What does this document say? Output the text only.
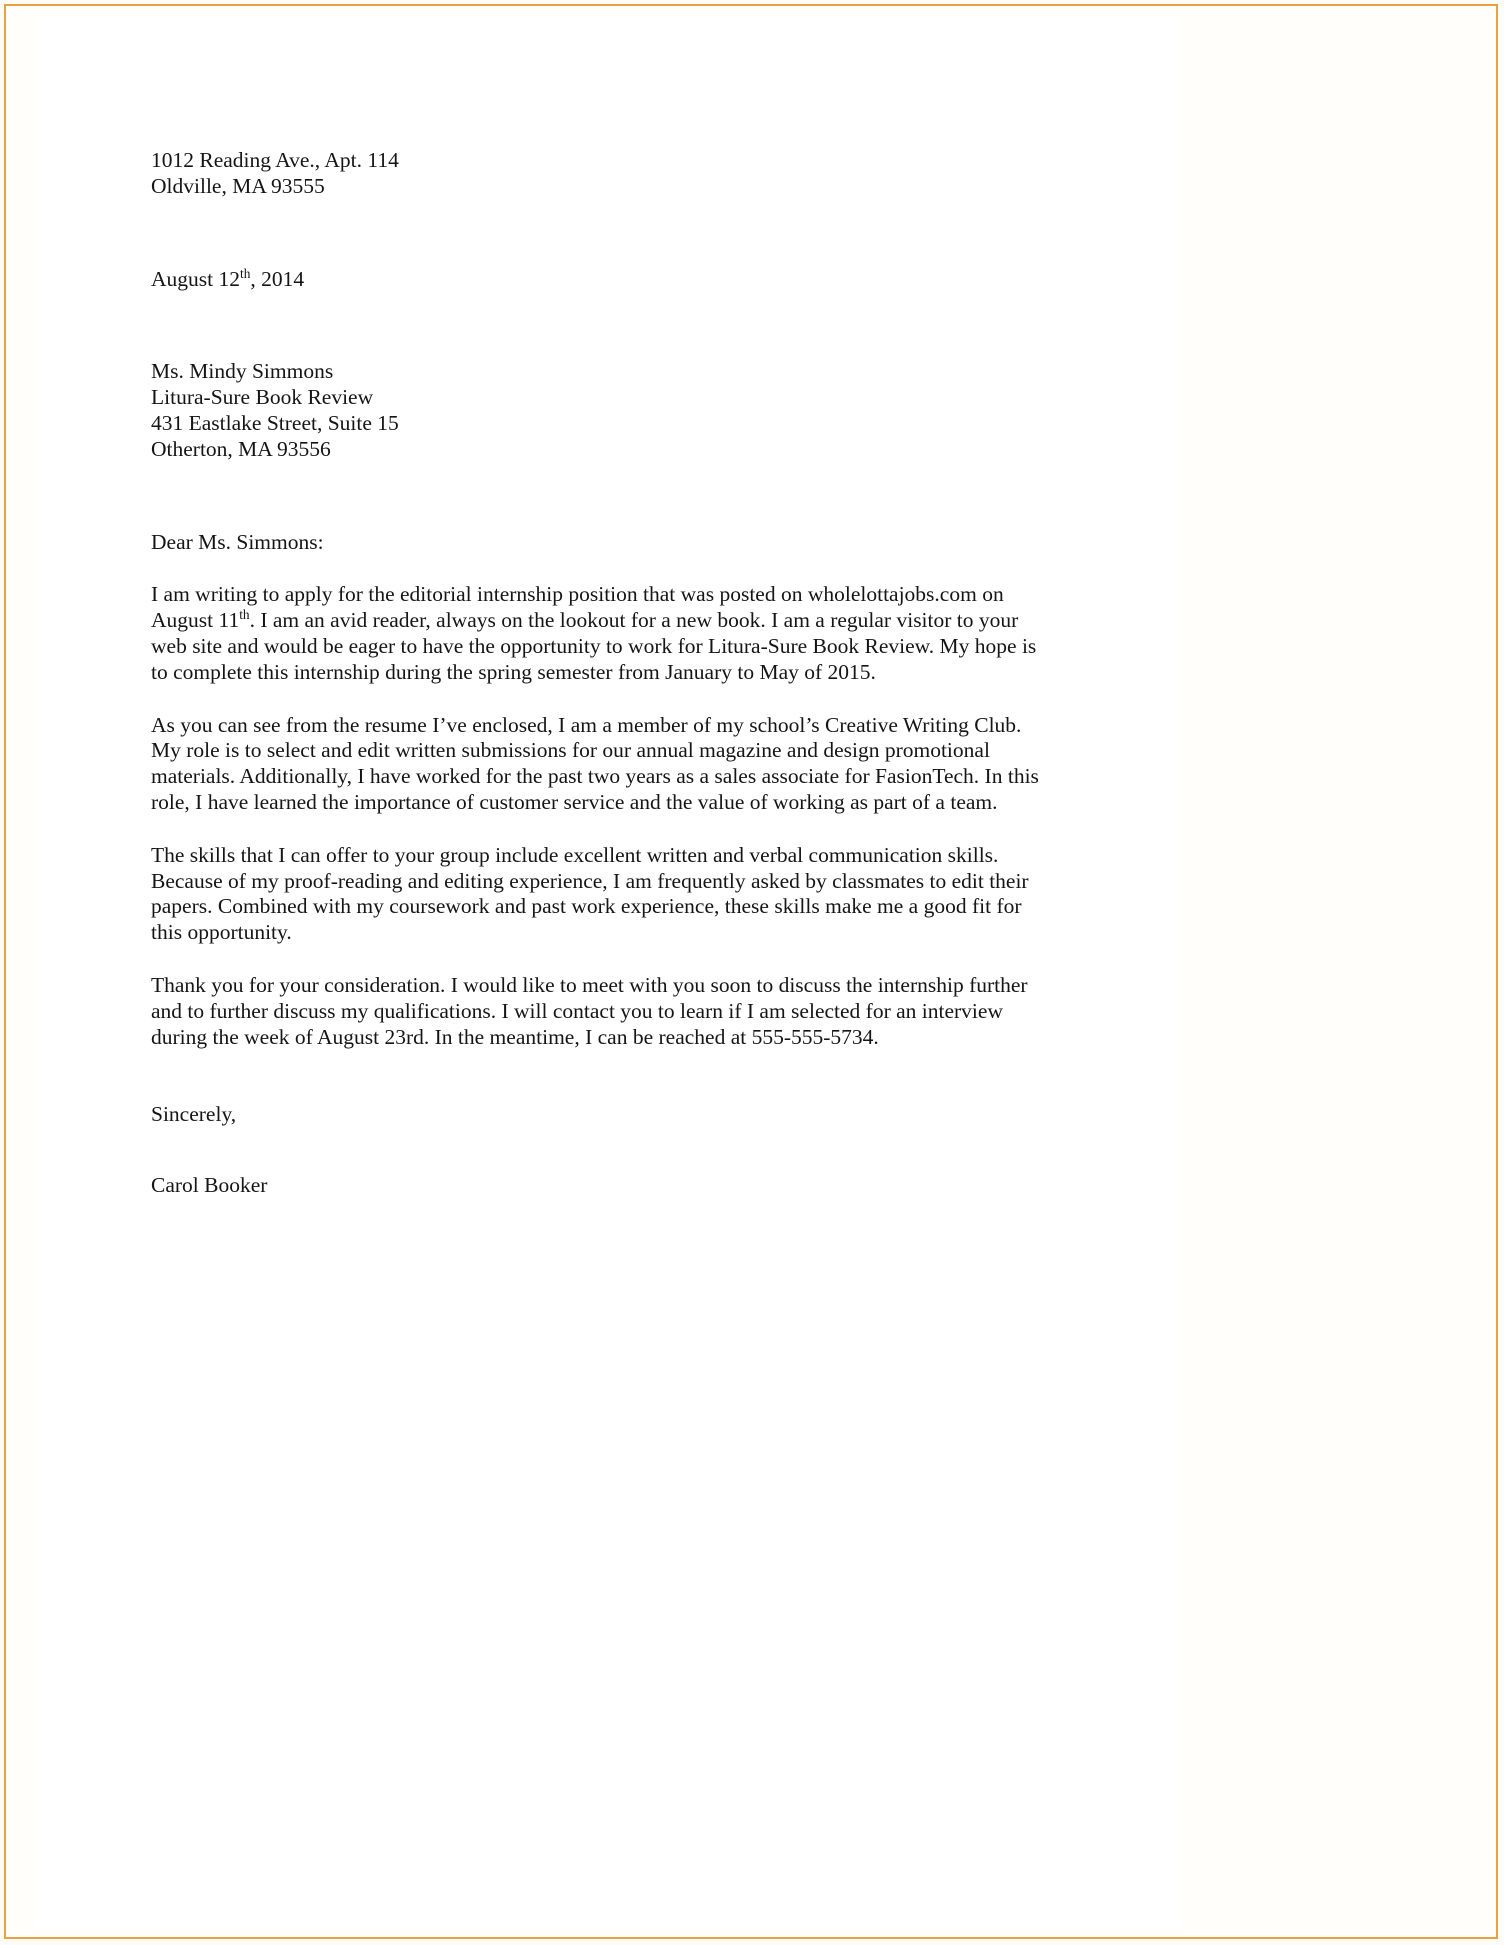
1012 Reading Ave., Apt. 114
Oldville, MA 93555
August 12th, 2014
Ms. Mindy Simmons
Litura-Sure Book Review
431 Eastlake Street, Suite 15
Otherton, MA 93556
Dear Ms. Simmons:

I am writing to apply for the editorial internship position that was posted on wholelottajobs.com on August 11th. I am an avid reader, always on the lookout for a new book. I am a regular visitor to your web site and would be eager to have the opportunity to work for Litura-Sure Book Review. My hope is to complete this internship during the spring semester from January to May of 2015.

As you can see from the resume I’ve enclosed, I am a member of my school’s Creative Writing Club. My role is to select and edit written submissions for our annual magazine and design promotional materials. Additionally, I have worked for the past two years as a sales associate for FasionTech. In this role, I have learned the importance of customer service and the value of working as part of a team.

The skills that I can offer to your group include excellent written and verbal communication skills. Because of my proof-reading and editing experience, I am frequently asked by classmates to edit their papers. Combined with my coursework and past work experience, these skills make me a good fit for this opportunity.

Thank you for your consideration. I would like to meet with you soon to discuss the internship further and to further discuss my qualifications. I will contact you to learn if I am selected for an interview during the week of August 23rd. In the meantime, I can be reached at 555-555-5734.

Sincerely,
Carol Booker
